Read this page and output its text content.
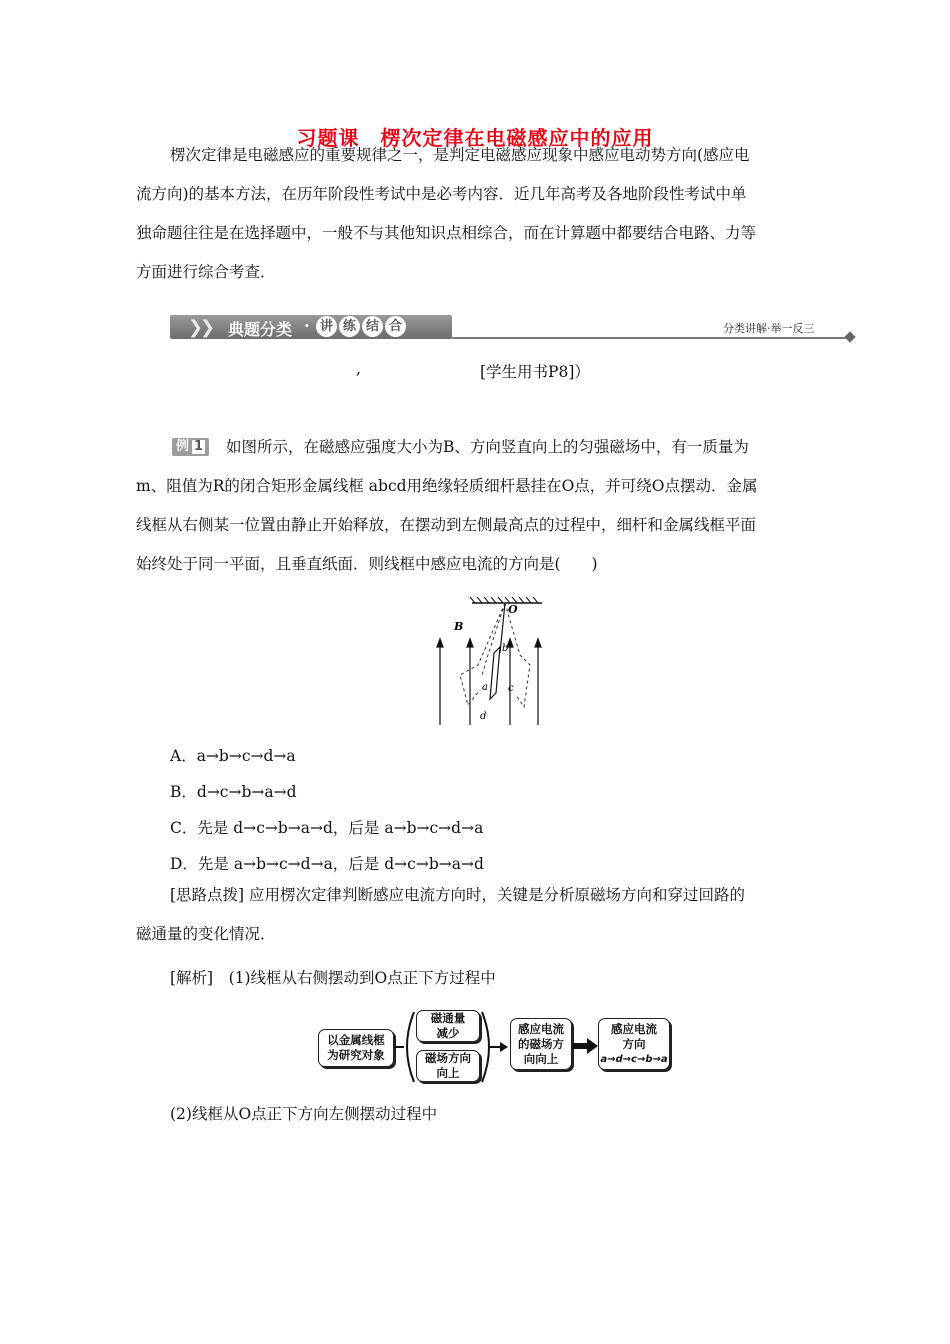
习题课　楞次定律在电磁感应中的应用
楞次定律是电磁感应的重要规律之一，是判定电磁感应现象中感应电动势方向(感应电
流方向)的基本方法，在历年阶段性考试中是必考内容．近几年高考及各地阶段性考试中单
独命题往往是在选择题中，一般不与其他知识点相综合，而在计算题中都要结合电路、力等
方面进行综合考查．
❯
❯ 典题分类 · 讲 练 结 合	分类讲解·举一反三
,	[学生用书P8]）
例 1 如图所示，在磁感应强度大小为B、方向竖直向上的匀强磁场中，有一质量为
m、阻值为R的闭合矩形金属线框 abcd用绝缘轻质细杆悬挂在O点，并可绕O点摆动．金属
线框从右侧某一位置由静止开始释放，在摆动到左侧最高点的过程中，细杆和金属线框平面
始终处于同一平面，且垂直纸面．则线框中感应电流的方向是(　　)
O
B
a
b
c
d
A．a→b→c→d→a
B．d→c→b→a→d
C．先是 d→c→b→a→d，后是 a→b→c→d→a
D．先是 a→b→c→d→a，后是 d→c→b→a→d
[思路点拨] 应用楞次定律判断感应电流方向时，关键是分析原磁场方向和穿过回路的
磁通量的变化情况．
[解析]　(1)线框从右侧摆动到O点正下方过程中
以金属线框
为研究对象
磁通量
减少
磁场方向
向上
感应电流
的磁场方
向向上
感应电流
方向
a→d→c→b→a
(2)线框从O点正下方向左侧摆动过程中
